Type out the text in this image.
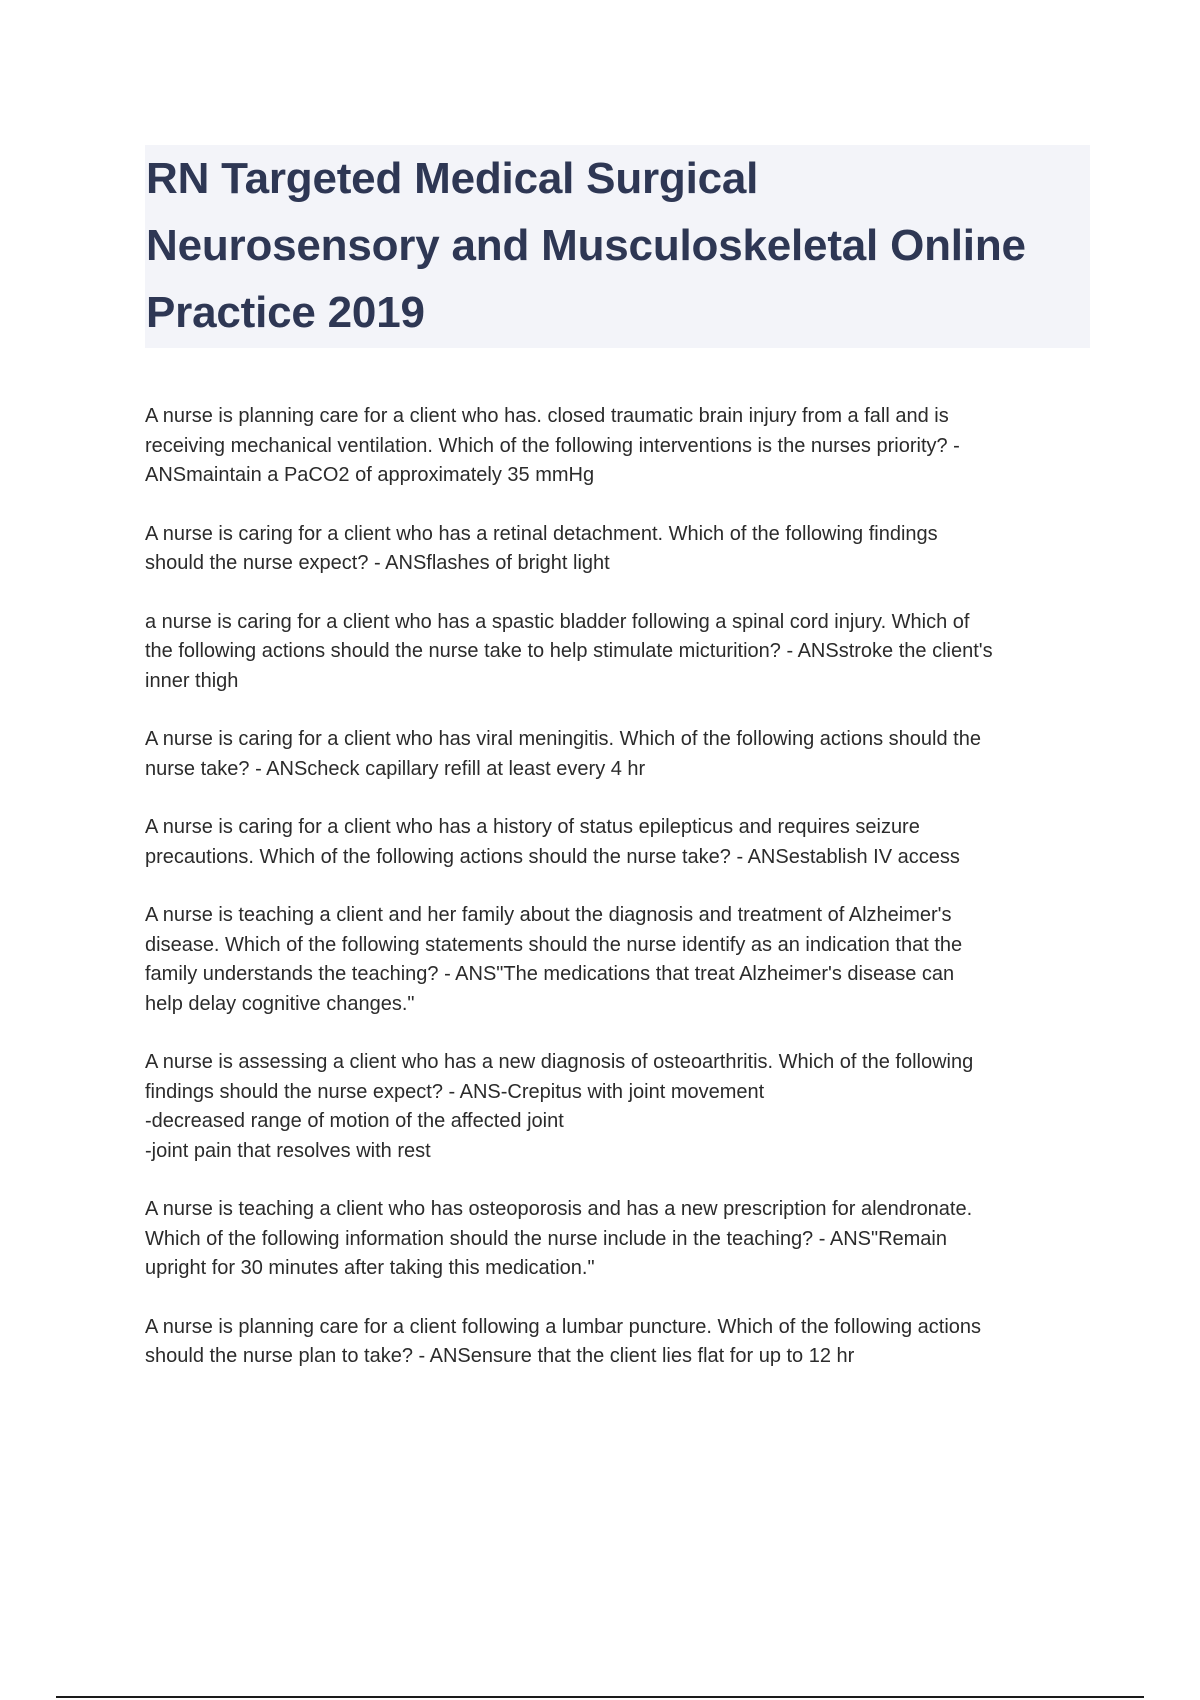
RN Targeted Medical Surgical
Neurosensory and Musculoskeletal Online
Practice 2019
A nurse is planning care for a client who has. closed traumatic brain injury from a fall and is
receiving mechanical ventilation. Which of the following interventions is the nurses priority? -
ANSmaintain a PaCO2 of approximately 35 mmHg
A nurse is caring for a client who has a retinal detachment. Which of the following findings
should the nurse expect? - ANSflashes of bright light
a nurse is caring for a client who has a spastic bladder following a spinal cord injury. Which of
the following actions should the nurse take to help stimulate micturition? - ANSstroke the client's
inner thigh
A nurse is caring for a client who has viral meningitis. Which of the following actions should the
nurse take? - ANScheck capillary refill at least every 4 hr
A nurse is caring for a client who has a history of status epilepticus and requires seizure
precautions. Which of the following actions should the nurse take? - ANSestablish IV access
A nurse is teaching a client and her family about the diagnosis and treatment of Alzheimer's
disease. Which of the following statements should the nurse identify as an indication that the
family understands the teaching? - ANS"The medications that treat Alzheimer's disease can
help delay cognitive changes."
A nurse is assessing a client who has a new diagnosis of osteoarthritis. Which of the following
findings should the nurse expect? - ANS-Crepitus with joint movement
-decreased range of motion of the affected joint
-joint pain that resolves with rest
A nurse is teaching a client who has osteoporosis and has a new prescription for alendronate.
Which of the following information should the nurse include in the teaching? - ANS"Remain
upright for 30 minutes after taking this medication."
A nurse is planning care for a client following a lumbar puncture. Which of the following actions
should the nurse plan to take? - ANSensure that the client lies flat for up to 12 hr
